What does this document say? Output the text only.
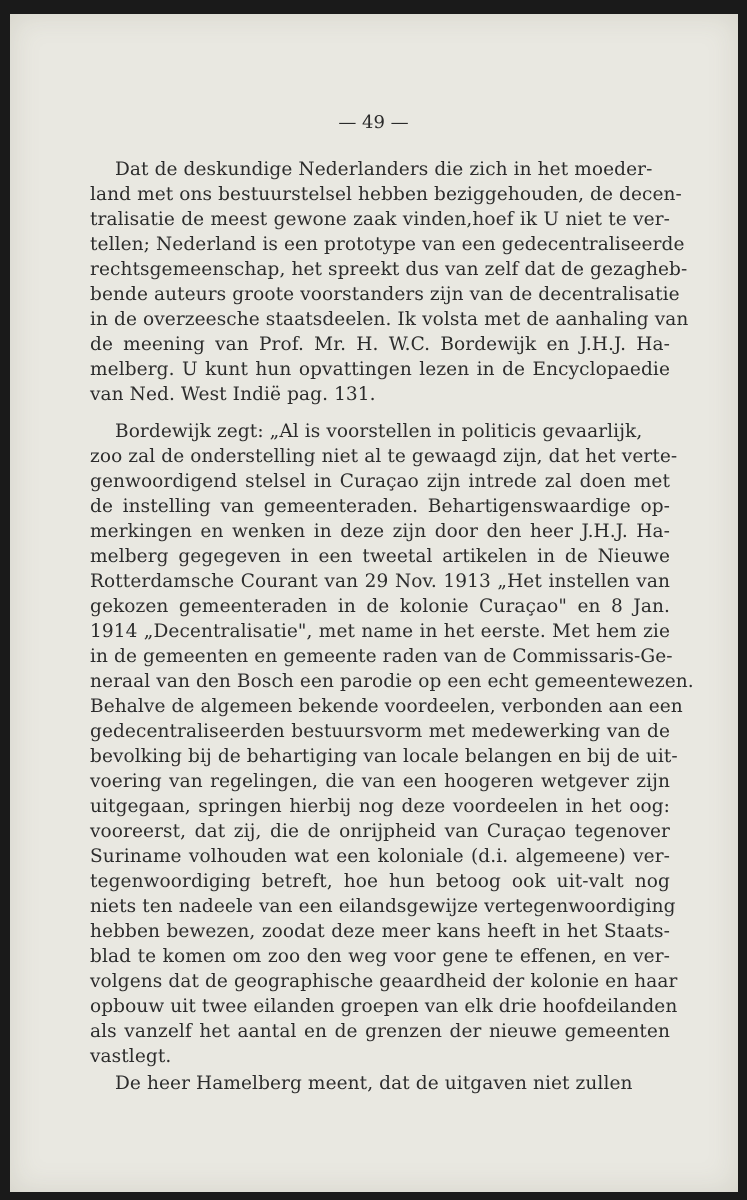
— 49 —
Dat de deskundige Nederlanders die zich in het moeder-
land met ons bestuurstelsel hebben beziggehouden, de decen-
tralisatie de meest gewone zaak vinden,hoef ik U niet te ver-
tellen; Nederland is een prototype van een gedecentraliseerde
rechtsgemeenschap, het spreekt dus van zelf dat de gezagheb-
bende auteurs groote voorstanders zijn van de decentralisatie
in de overzeesche staatsdeelen. Ik volsta met de aanhaling van
de meening van Prof. Mr. H. W.C. Bordewijk en J.H.J. Ha-
melberg. U kunt hun opvattingen lezen in de Encyclopaedie
van Ned. West Indië pag. 131.
Bordewijk zegt: „Al is voorstellen in politicis gevaarlijk,
zoo zal de onderstelling niet al te gewaagd zijn, dat het verte-
genwoordigend stelsel in Curaçao zijn intrede zal doen met
de instelling van gemeenteraden. Behartigenswaardige op-
merkingen en wenken in deze zijn door den heer J.H.J. Ha-
melberg gegegeven in een tweetal artikelen in de Nieuwe
Rotterdamsche Courant van 29 Nov. 1913 „Het instellen van
gekozen gemeenteraden in de kolonie Curaçao" en 8 Jan.
1914 „Decentralisatie", met name in het eerste. Met hem zie
in de gemeenten en gemeente raden van de Commissaris-Ge-
neraal van den Bosch een parodie op een echt gemeentewezen.
Behalve de algemeen bekende voordeelen, verbonden aan een
gedecentraliseerden bestuursvorm met medewerking van de
bevolking bij de behartiging van locale belangen en bij de uit-
voering van regelingen, die van een hoogeren wetgever zijn
uitgegaan, springen hierbij nog deze voordeelen in het oog:
vooreerst, dat zij, die de onrijpheid van Curaçao tegenover
Suriname volhouden wat een koloniale (d.i. algemeene) ver-
tegenwoordiging betreft, hoe hun betoog ook uit-valt nog
niets ten nadeele van een eilandsgewijze vertegenwoordiging
hebben bewezen, zoodat deze meer kans heeft in het Staats-
blad te komen om zoo den weg voor gene te effenen, en ver-
volgens dat de geographische geaardheid der kolonie en haar
opbouw uit twee eilanden groepen van elk drie hoofdeilanden
als vanzelf het aantal en de grenzen der nieuwe gemeenten
vastlegt.
De heer Hamelberg meent, dat de uitgaven niet zullen
